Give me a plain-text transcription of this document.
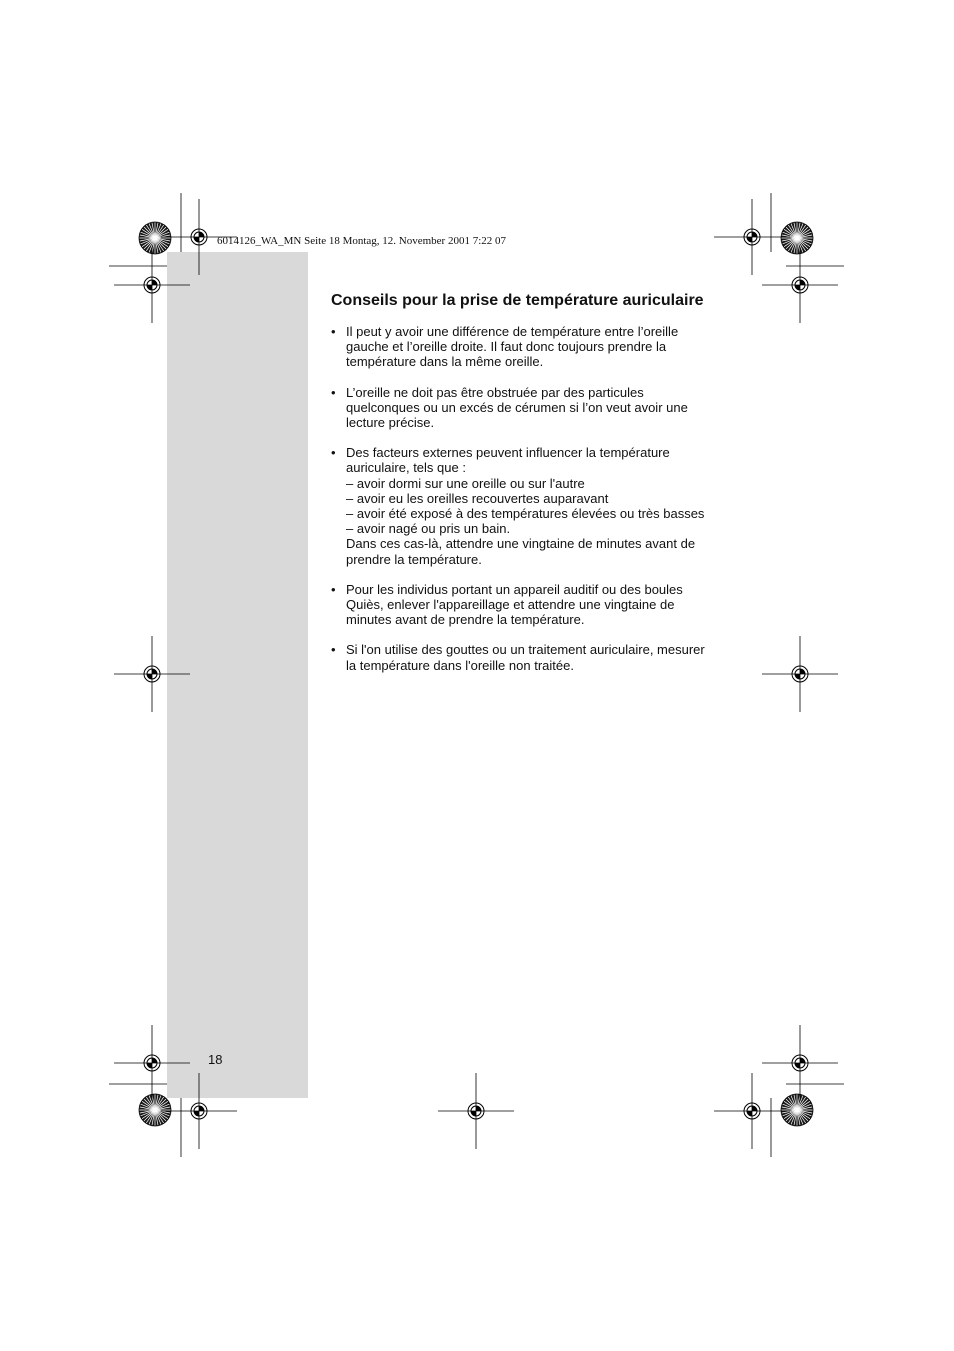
6014126_WA_MN Seite 18 Montag, 12. November 2001 7:22 07
Conseils pour la prise de température auriculaire
• Il peut y avoir une différence de température entre l’oreille
gauche et l’oreille droite. Il faut donc toujours prendre la
température dans la même oreille.
• L’oreille ne doit pas être obstruée par des particules
quelconques ou un excés de cérumen si l’on veut avoir une
lecture précise.
• Des facteurs externes peuvent influencer la température
auriculaire, tels que :
– avoir dormi sur une oreille ou sur l'autre
– avoir eu les oreilles recouvertes auparavant
– avoir été exposé à des températures élevées ou très basses
– avoir nagé ou pris un bain.
Dans ces cas-là, attendre une vingtaine de minutes avant de
prendre la température.
• Pour les individus portant un appareil auditif ou des boules
Quiès, enlever l'appareillage et attendre une vingtaine de
minutes avant de prendre la température.
• Si l'on utilise des gouttes ou un traitement auriculaire, mesurer
la température dans l'oreille non traitée.
18
